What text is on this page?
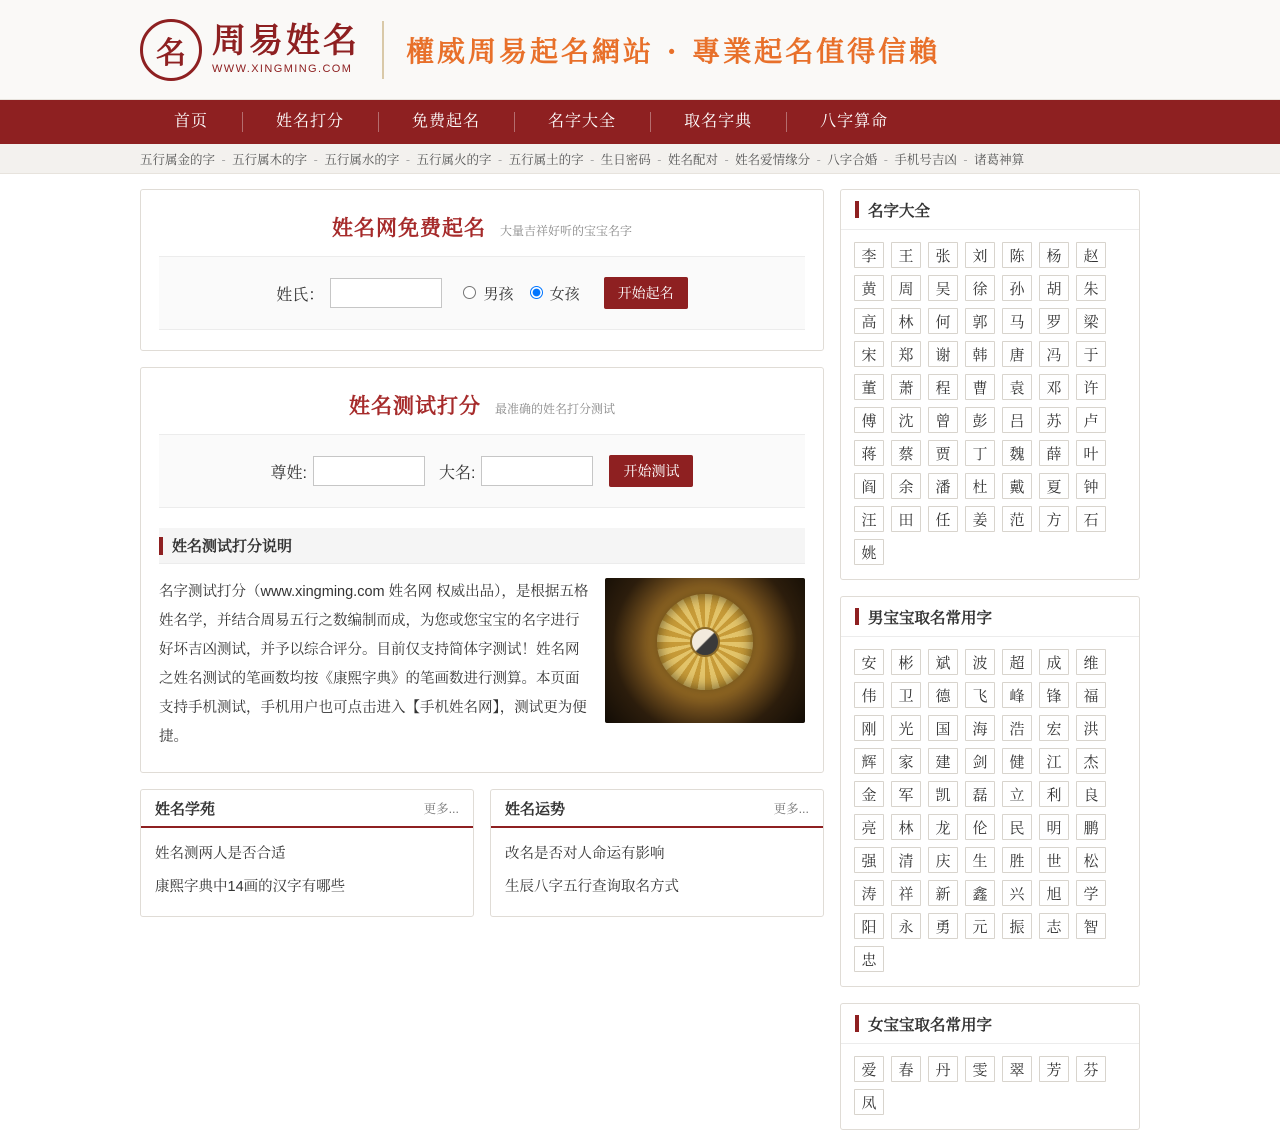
名 周易姓名
WWW.XINGMING.COM
權威周易起名網站 · 專業起名值得信賴
首页	姓名打分	免费起名	名字大全	取名字典	八字算命
五行属金的字 - 五行属木的字 - 五行属水的字 - 五行属火的字 - 五行属土的字 - 生日密码 - 姓名配对 - 姓名爱情缘分 - 八字合婚 - 手机号吉凶 - 诸葛神算
姓名网免费起名 大量吉祥好听的宝宝名字
姓氏：	男孩	女孩	开始起名
姓名测试打分 最准确的姓名打分测试
尊姓:	大名:	开始测试
姓名测试打分说明

名字测试打分（www.xingming.com 姓名网 权威出品），是根据五格姓名学，并结合周易五行之数编制而成，为您或您宝宝的名字进行好坏吉凶测试，并予以综合评分。目前仅支持简体字测试！姓名网之姓名测试的笔画数均按《康熙字典》的笔画数进行测算。本页面支持手机测试，手机用户也可点击进入【手机姓名网】，测试更为便捷。

姓名学苑	更多...
姓名测两人是否合适
康熙字典中14画的汉字有哪些
姓名运势	更多...
改名是否对人命运有影响
生辰八字五行查询取名方式
名字大全
李	王	张	刘	陈	杨	赵
黄	周	吴	徐	孙	胡	朱
高	林	何	郭	马	罗	梁
宋	郑	谢	韩	唐	冯	于
董	萧	程	曹	袁	邓	许
傅	沈	曾	彭	吕	苏	卢
蒋	蔡	贾	丁	魏	薛	叶
阎	余	潘	杜	戴	夏	钟
汪	田	任	姜	范	方	石
姚
男宝宝取名常用字
安	彬	斌	波	超	成	维
伟	卫	德	飞	峰	锋	福
刚	光	国	海	浩	宏	洪
辉	家	建	剑	健	江	杰
金	军	凯	磊	立	利	良
亮	林	龙	伦	民	明	鹏
强	清	庆	生	胜	世	松
涛	祥	新	鑫	兴	旭	学
阳	永	勇	元	振	志	智
忠
女宝宝取名常用字
爱	春	丹	雯	翠	芳	芬
凤
